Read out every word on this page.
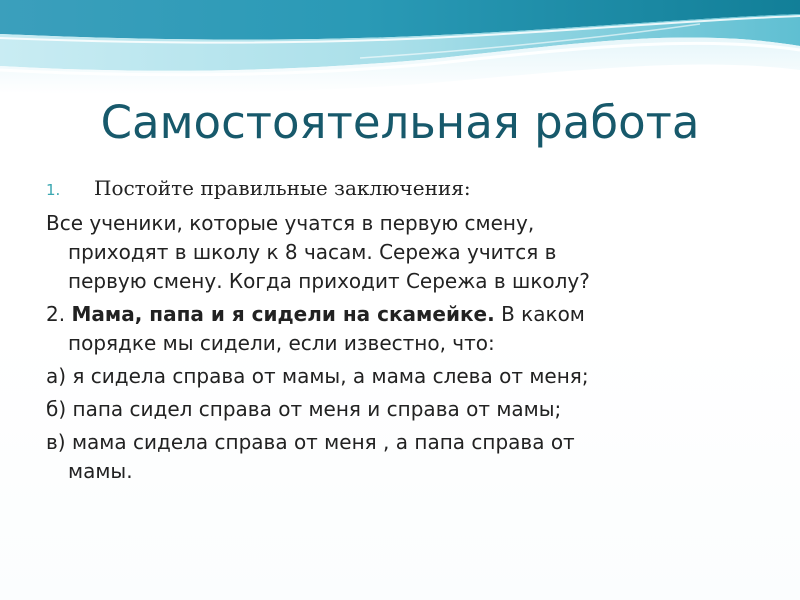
Самостоятельная работа
1.	Постойте правильные заключения:
Все ученики, которые учатся в первую смену,
приходят в школу к 8 часам. Сережа учится в
первую смену. Когда приходит Сережа в школу?
2. Мама, папа и я сидели на скамейке. В каком
порядке мы сидели, если известно, что:
а) я сидела справа от мамы, а мама слева от меня;
б) папа сидел справа от меня и справа от мамы;
в) мама сидела справа от меня , а папа справа от
мамы.
